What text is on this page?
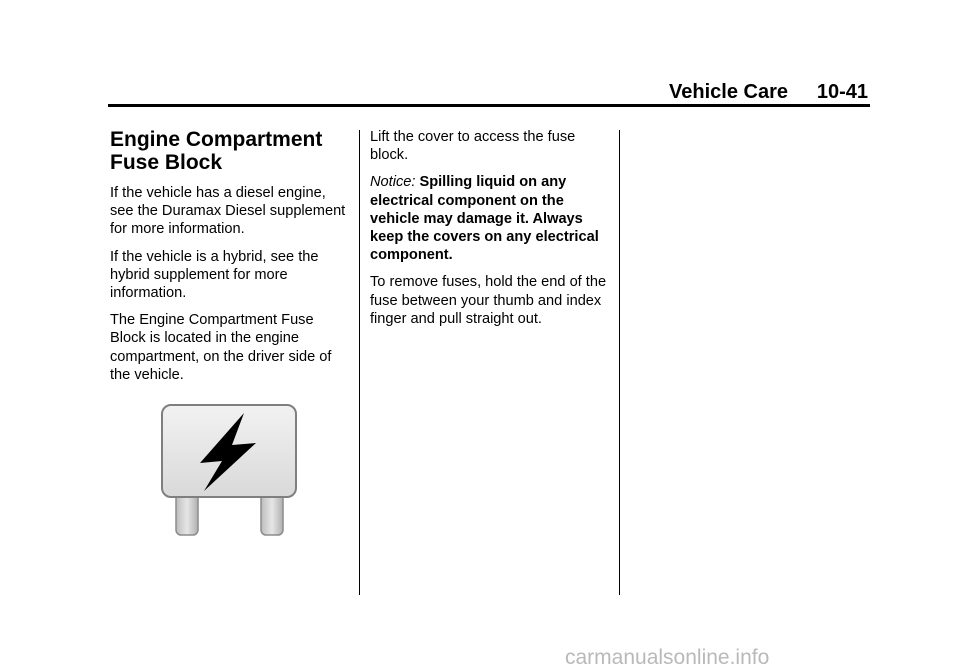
Vehicle Care 10-41
Engine Compartment
Fuse Block

If the vehicle has a diesel engine, see the Duramax Diesel supplement for more information.

If the vehicle is a hybrid, see the hybrid supplement for more information.

The Engine Compartment Fuse Block is located in the engine compartment, on the driver side of the vehicle.

Lift the cover to access the fuse block.

Notice: Spilling liquid on any electrical component on the vehicle may damage it. Always keep the covers on any electrical component.

To remove fuses, hold the end of the fuse between your thumb and index finger and pull straight out.

carmanualsonline.info
